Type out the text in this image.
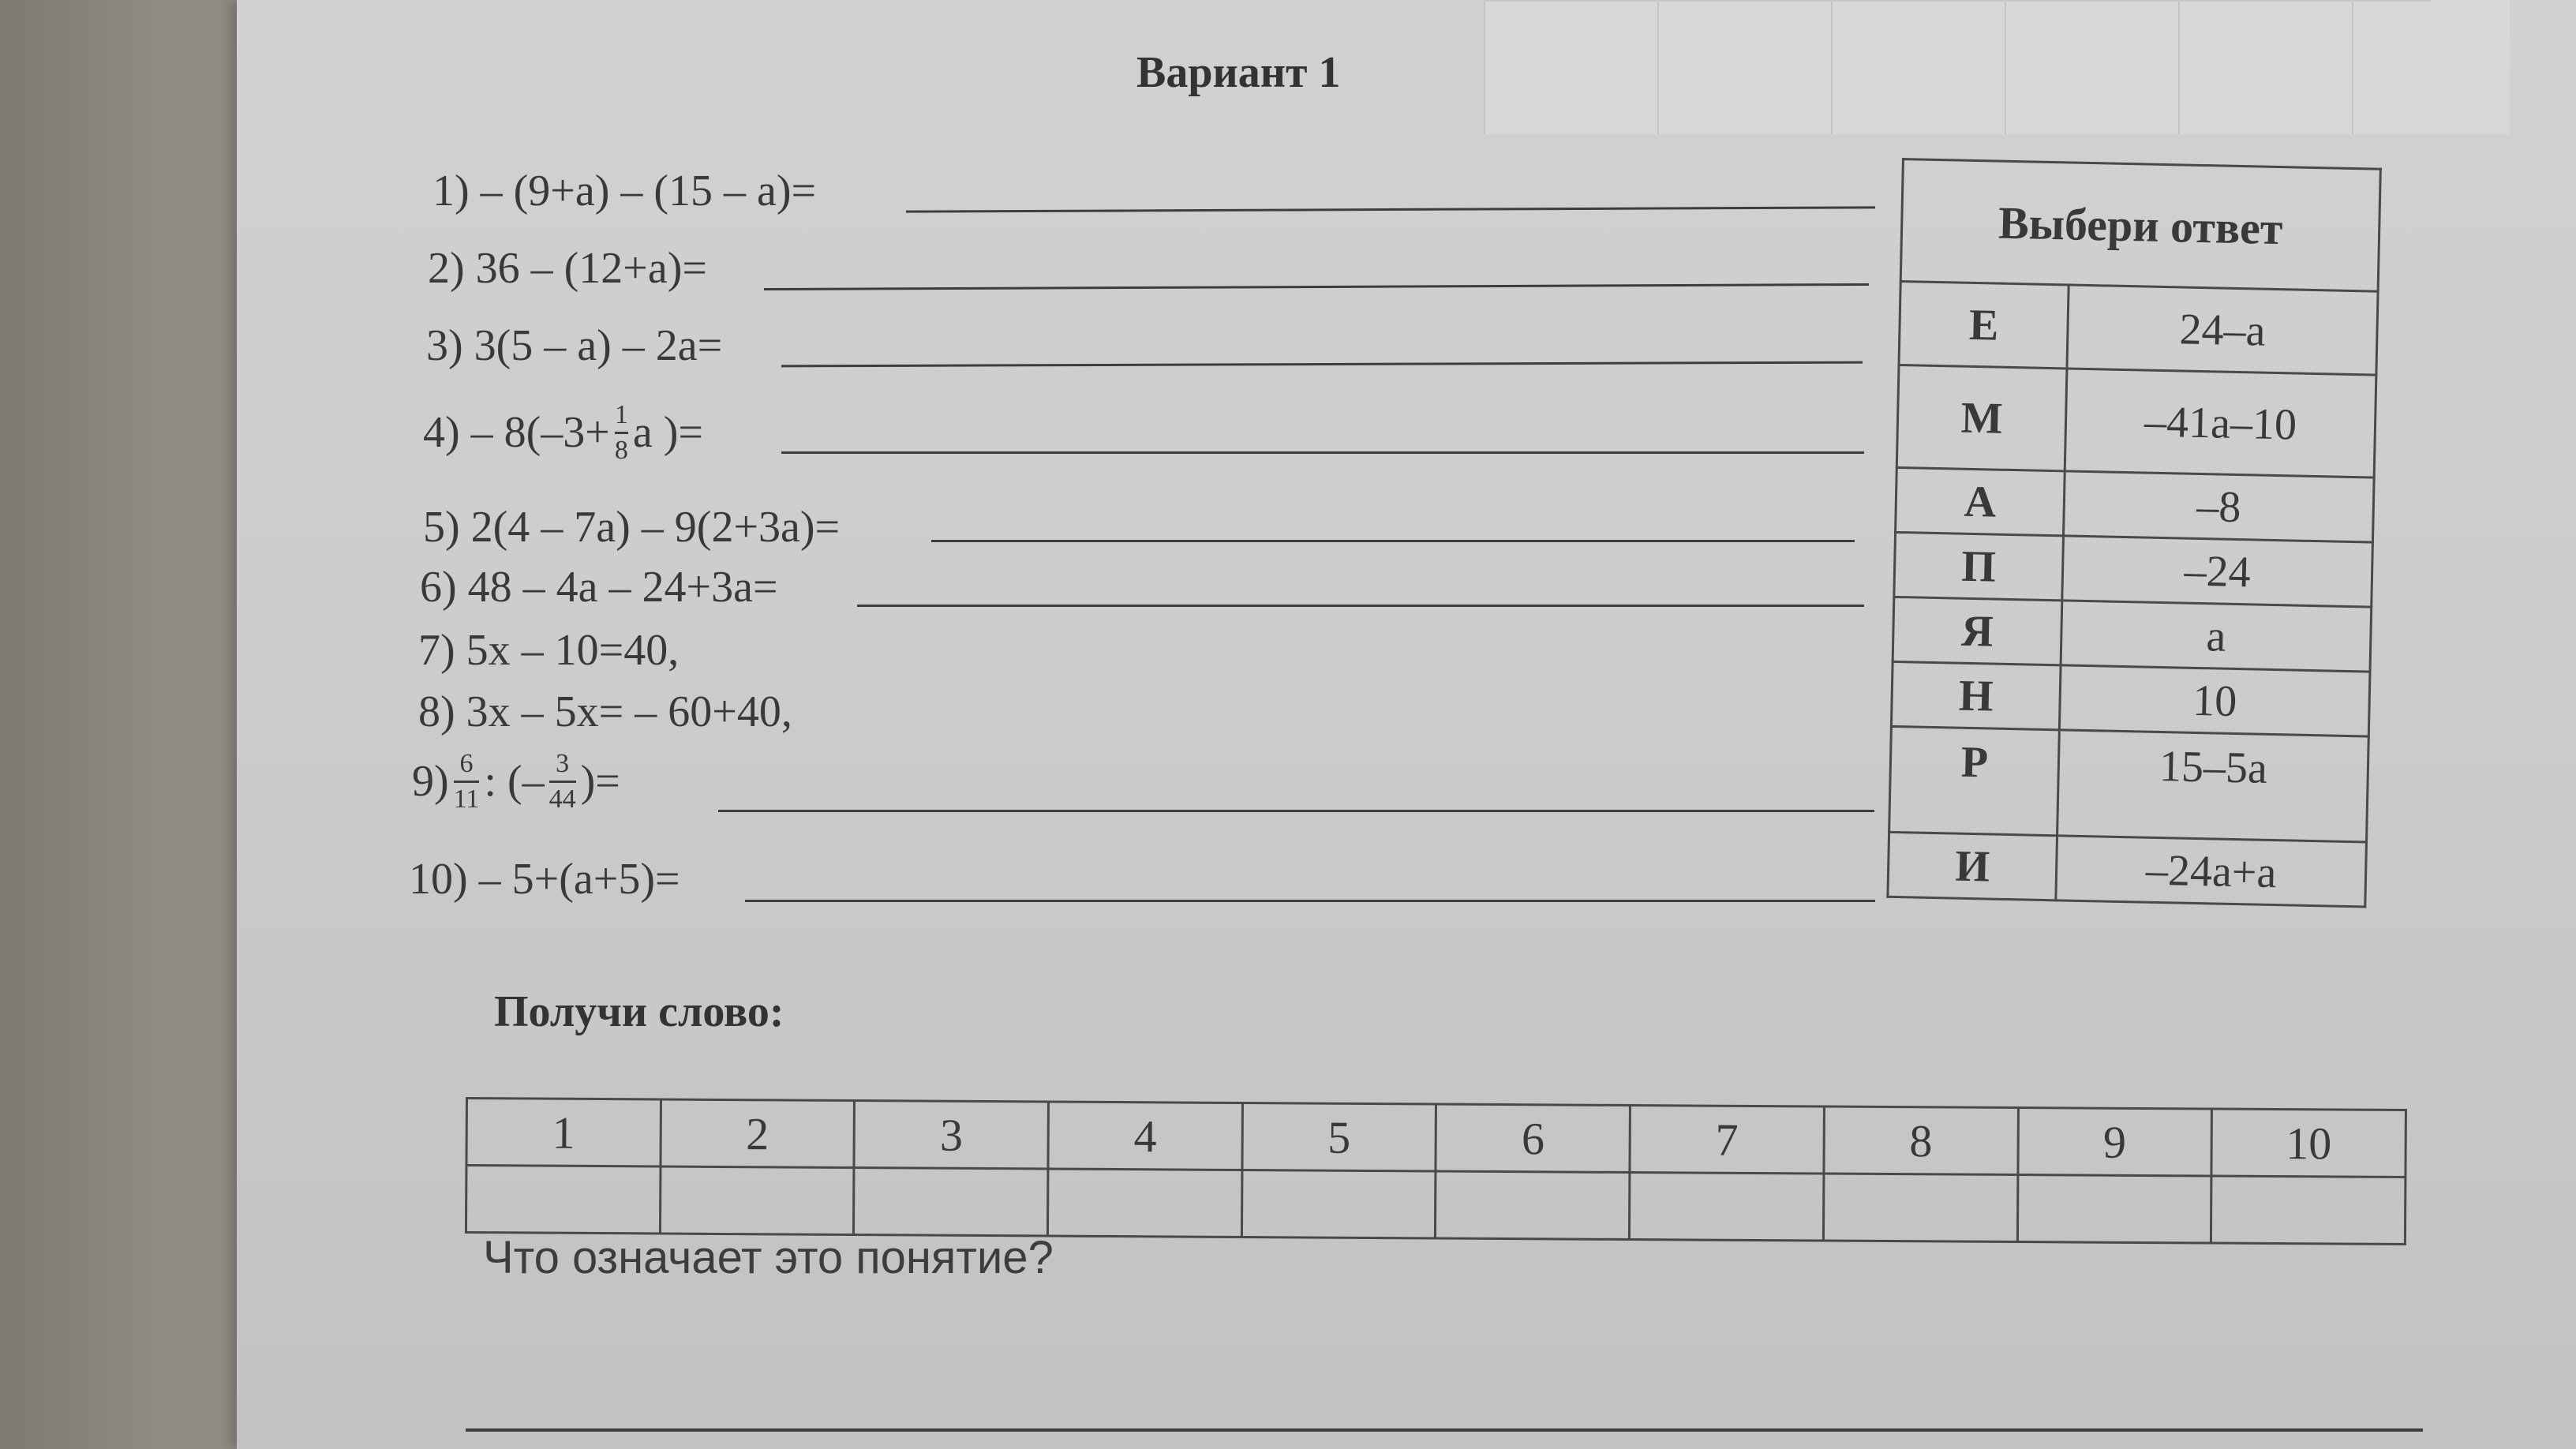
Вариант 1
1) – (9+a) – (15 – a)=
2) 36 – (12+a)=
3) 3(5 – a) – 2a=
$4) - 8(-3+ \frac{1}{8}$ a )=
5) 2(4 – 7a) – 9(2+3a)=
6) 48 – 4a – 24+3a=
7) 5x – 10=40,
8) 3x – 5x= – 60+40,
$9) \frac{6}{11}$ : (– $\frac{3}{44}$ )=
10) – 5+(a+5)=
Выбери ответ	
Е	24–a
М	–41a–10
А	–8
П	–24
Я	a
Н	10
Р	15–5a
И	–24a+a
Получи слово:
1	2	3	4	5	6	7	8	9	10

Что означает это понятие?
